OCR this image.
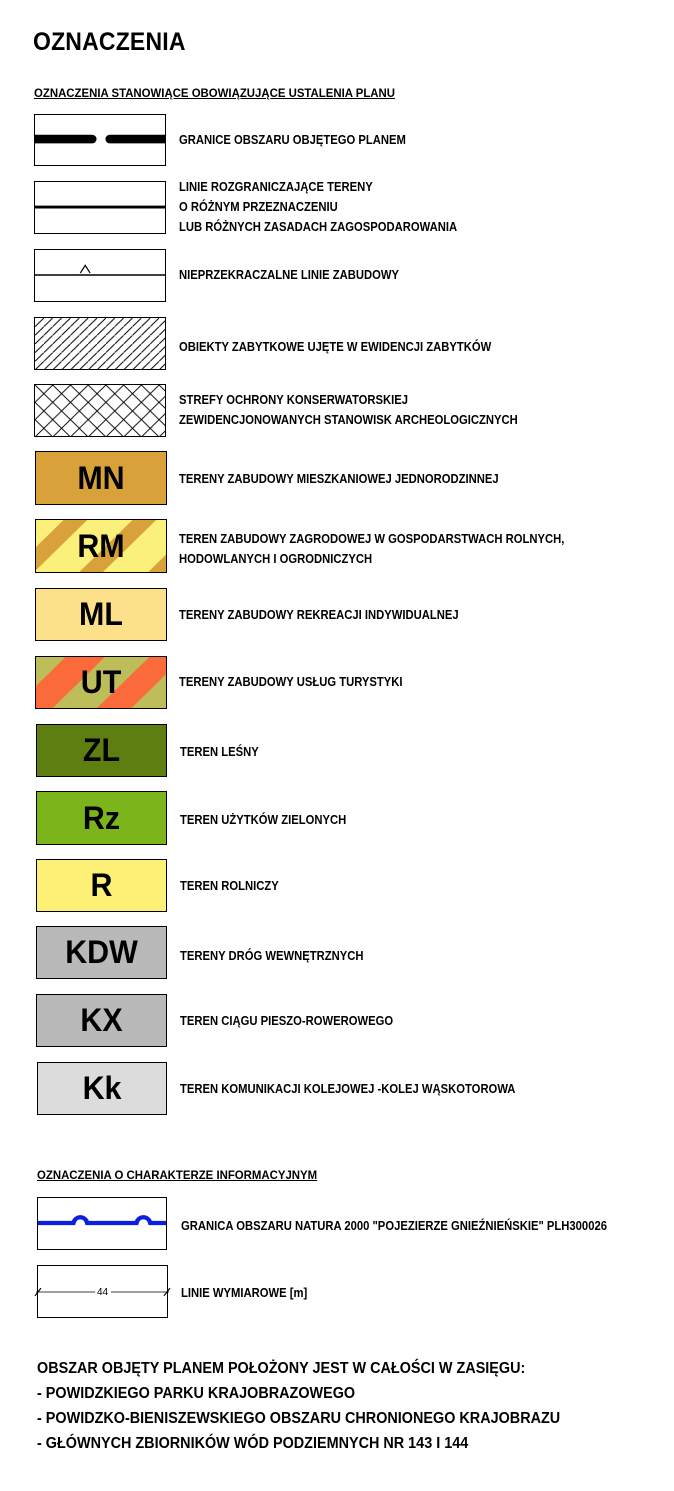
OZNACZENIA
OZNACZENIA STANOWIĄCE OBOWIĄZUJĄCE USTALENIA PLANU
GRANICE OBSZARU OBJĘTEGO PLANEM
LINIE ROZGRANICZAJĄCE TERENY
O RÓŻNYM PRZEZNACZENIU
LUB RÓŻNYCH ZASADACH ZAGOSPODAROWANIA
NIEPRZEKRACZALNE LINIE ZABUDOWY
OBIEKTY ZABYTKOWE UJĘTE W EWIDENCJI ZABYTKÓW
STREFY OCHRONY KONSERWATORSKIEJ
ZEWIDENCJONOWANYCH STANOWISK ARCHEOLOGICZNYCH
MN	TERENY ZABUDOWY MIESZKANIOWEJ JEDNORODZINNEJ
RM	TEREN ZABUDOWY ZAGRODOWEJ W GOSPODARSTWACH ROLNYCH,
HODOWLANYCH I OGRODNICZYCH
ML	TERENY ZABUDOWY REKREACJI INDYWIDUALNEJ
UT	TERENY ZABUDOWY USŁUG TURYSTYKI
ZL	TEREN LEŚNY
Rz	TEREN UŻYTKÓW ZIELONYCH
R	TEREN ROLNICZY
KDW	TERENY DRÓG WEWNĘTRZNYCH
KX	TEREN CIĄGU PIESZO-ROWEROWEGO
Kk	TEREN KOMUNIKACJI KOLEJOWEJ -KOLEJ WĄSKOTOROWA
OZNACZENIA O CHARAKTERZE INFORMACYJNYM
GRANICA OBSZARU NATURA 2000 "POJEZIERZE GNIEŹNIEŃSKIE" PLH300026
44	LINIE WYMIAROWE [m]
OBSZAR OBJĘTY PLANEM POŁOŻONY JEST W CAŁOŚCI W ZASIĘGU:
- POWIDZKIEGO PARKU KRAJOBRAZOWEGO
- POWIDZKO-BIENISZEWSKIEGO OBSZARU CHRONIONEGO KRAJOBRAZU
- GŁÓWNYCH ZBIORNIKÓW WÓD PODZIEMNYCH NR 143 I 144
